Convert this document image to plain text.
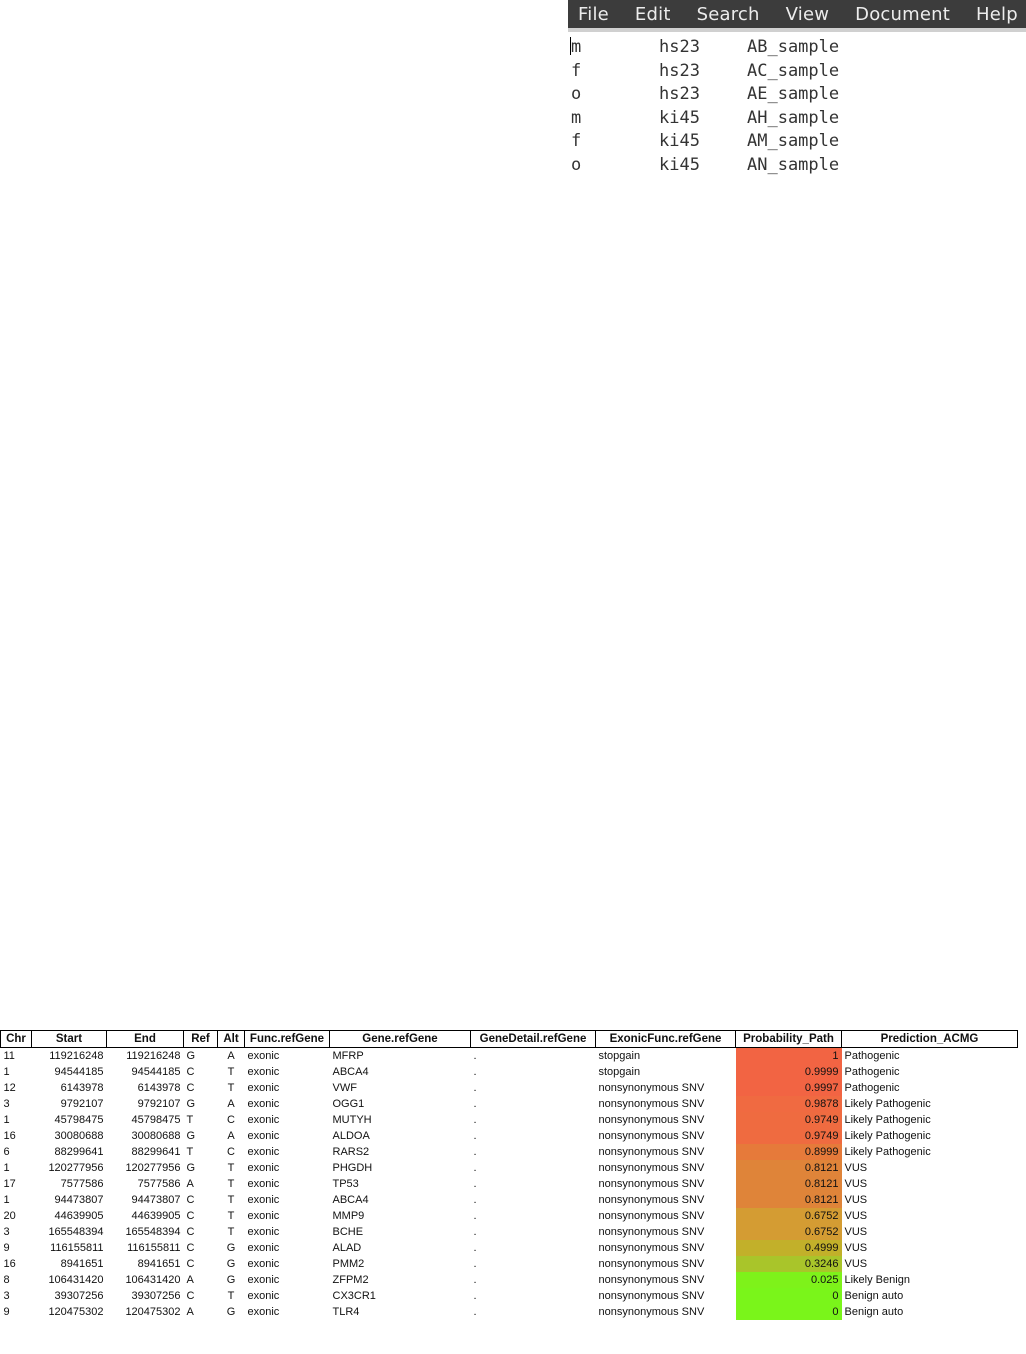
File Edit Search View Document Help
m	hs23	AB_sample
f	hs23	AC_sample
o	hs23	AE_sample
m	ki45	AH_sample
f	ki45	AM_sample
o	ki45	AN_sample
Chr	Start	End	Ref	Alt	Func.refGene	Gene.refGene	GeneDetail.refGene	ExonicFunc.refGene	Probability_Path	Prediction_ACMG
11	119216248	119216248	G	A	exonic	MFRP	.	stopgain	1	Pathogenic
1	94544185	94544185	C	T	exonic	ABCA4	.	stopgain	0.9999	Pathogenic
12	6143978	6143978	C	T	exonic	VWF	.	nonsynonymous SNV	0.9997	Pathogenic
3	9792107	9792107	G	A	exonic	OGG1	.	nonsynonymous SNV	0.9878	Likely Pathogenic
1	45798475	45798475	T	C	exonic	MUTYH	.	nonsynonymous SNV	0.9749	Likely Pathogenic
16	30080688	30080688	G	A	exonic	ALDOA	.	nonsynonymous SNV	0.9749	Likely Pathogenic
6	88299641	88299641	T	C	exonic	RARS2	.	nonsynonymous SNV	0.8999	Likely Pathogenic
1	120277956	120277956	G	T	exonic	PHGDH	.	nonsynonymous SNV	0.8121	VUS
17	7577586	7577586	A	T	exonic	TP53	.	nonsynonymous SNV	0.8121	VUS
1	94473807	94473807	C	T	exonic	ABCA4	.	nonsynonymous SNV	0.8121	VUS
20	44639905	44639905	C	T	exonic	MMP9	.	nonsynonymous SNV	0.6752	VUS
3	165548394	165548394	C	T	exonic	BCHE	.	nonsynonymous SNV	0.6752	VUS
9	116155811	116155811	C	G	exonic	ALAD	.	nonsynonymous SNV	0.4999	VUS
16	8941651	8941651	C	G	exonic	PMM2	.	nonsynonymous SNV	0.3246	VUS
8	106431420	106431420	A	G	exonic	ZFPM2	.	nonsynonymous SNV	0.025	Likely Benign
3	39307256	39307256	C	T	exonic	CX3CR1	.	nonsynonymous SNV	0	Benign auto
9	120475302	120475302	A	G	exonic	TLR4	.	nonsynonymous SNV	0	Benign auto
